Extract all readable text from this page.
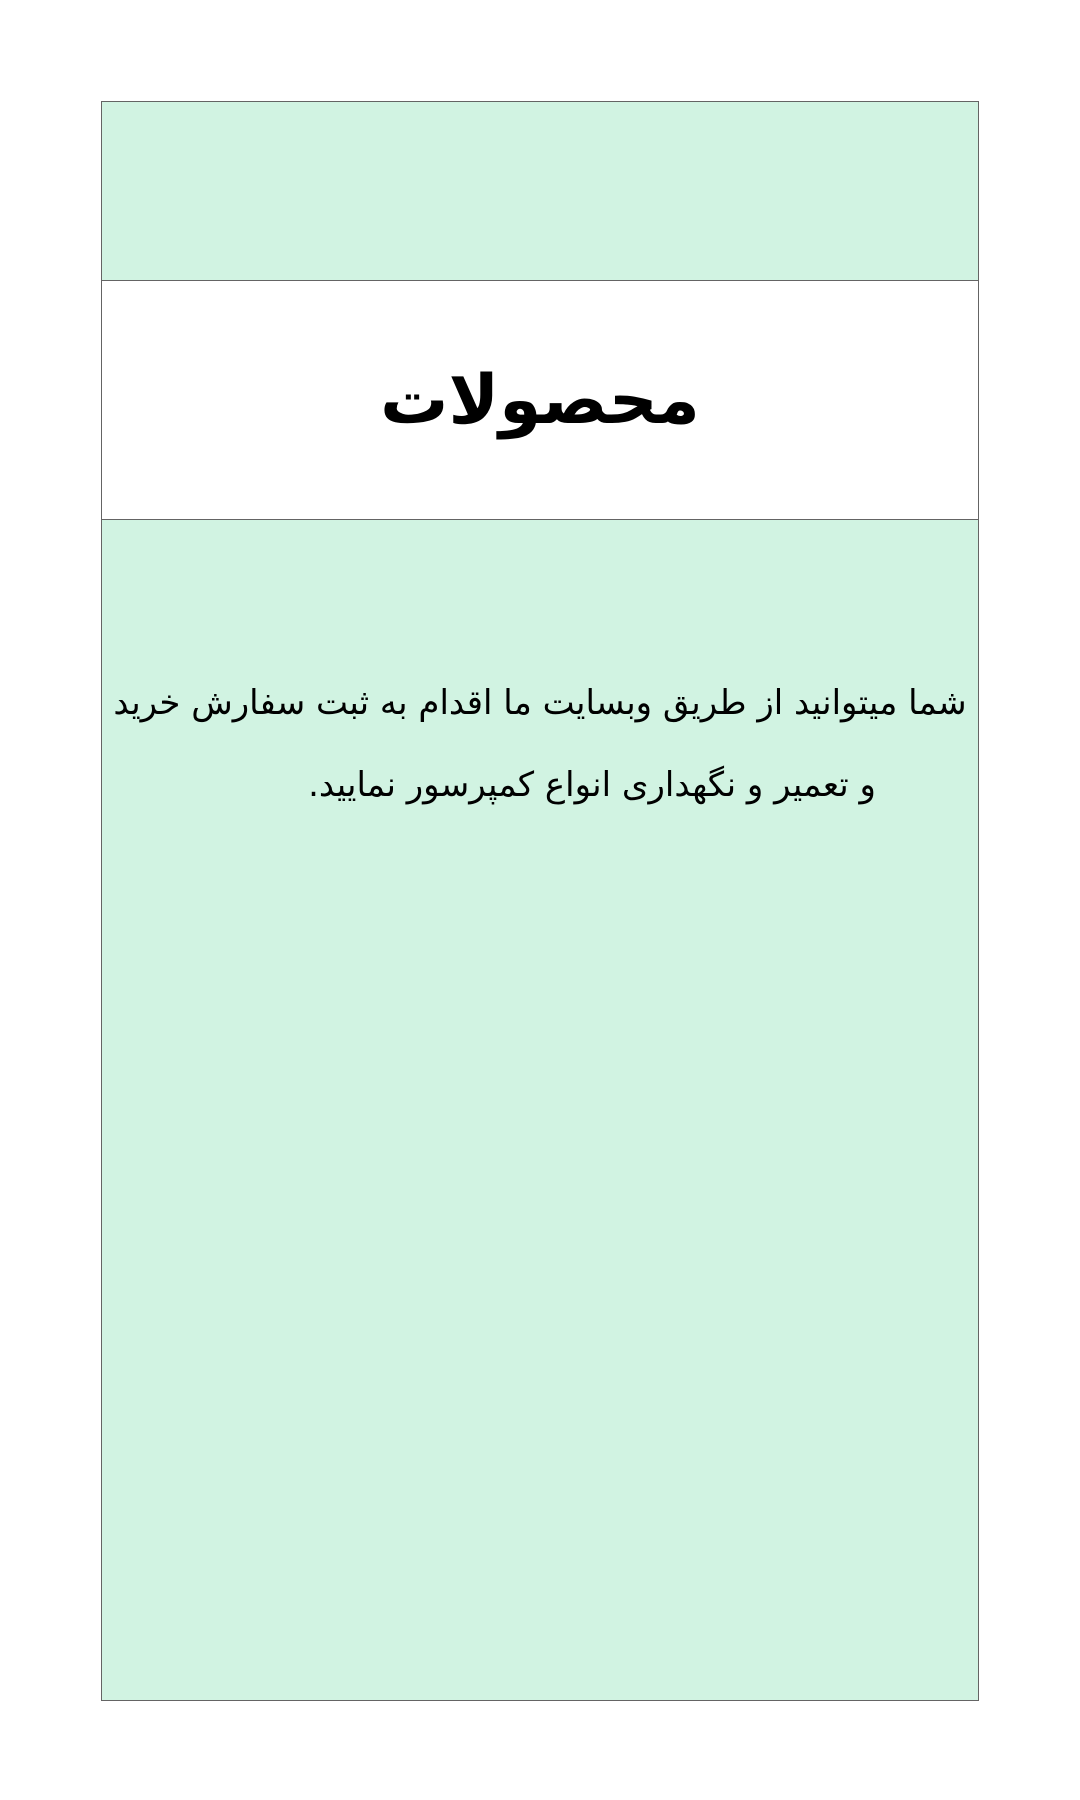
محصولات
شما میتوانید از طریق وبسایت ما اقدام به ثبت سفارش خرید
و تعمیر و نگهداری انواع کمپرسور نمایید.
